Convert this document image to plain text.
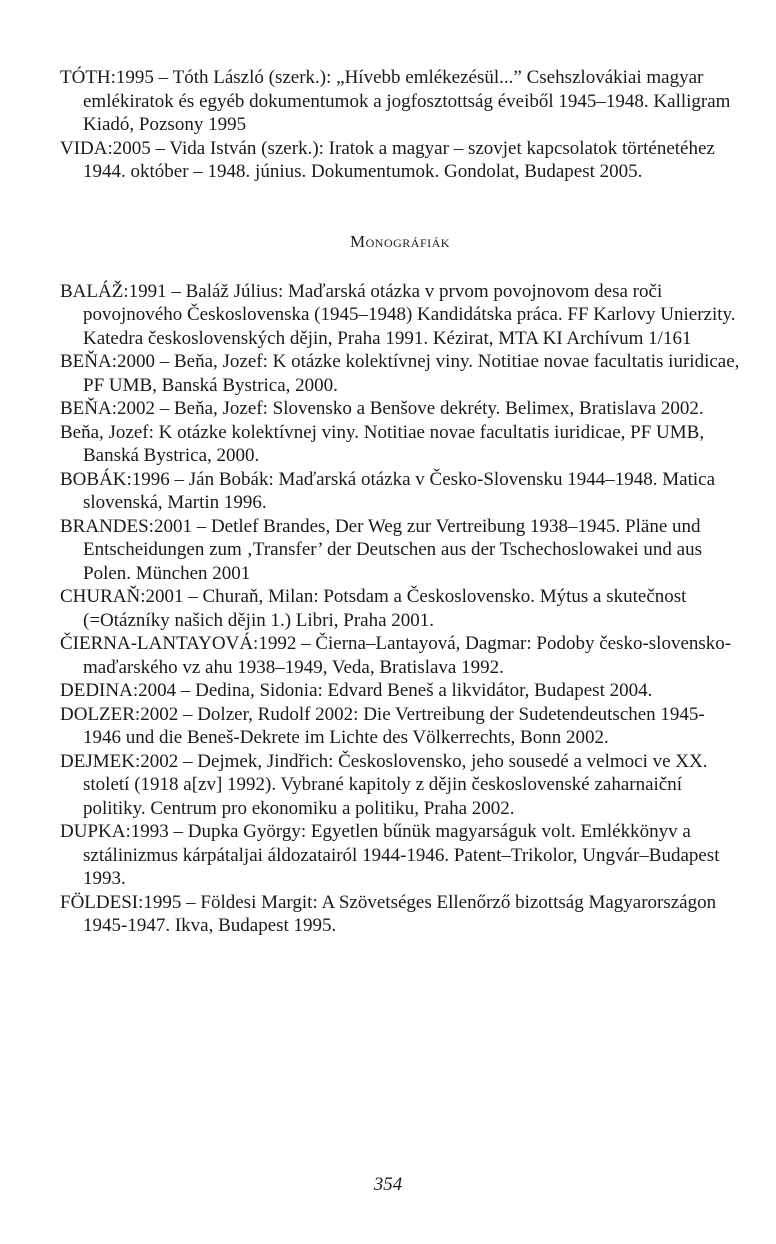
TÓTH:1995 – Tóth László (szerk.): „Hívebb emlékezésül...” Csehszlovákiai magyar emlékiratok és egyéb dokumentumok a jogfosztottság éveiből 1945–1948. Kalligram Kiadó, Pozsony 1995

VIDA:2005 – Vida István (szerk.): Iratok a magyar – szovjet kapcsolatok történetéhez 1944. október – 1948. június. Dokumentumok. Gondolat, Budapest 2005.

Monográfiák

BALÁŽ:1991 – Baláž Július: Maďarská otázka v prvom povojnovom desa roči povojnového Československa (1945–1948) Kandidátska práca. FF Karlovy Unierzity. Katedra československých dějin, Praha 1991. Kézirat, MTA KI Archívum 1/161

BEŇA:2000 – Beňa, Jozef: K otázke kolektívnej viny. Notitiae novae facultatis iuridicae, PF UMB, Banská Bystrica, 2000.

BEŇA:2002 – Beňa, Jozef: Slovensko a Benšove dekréty. Belimex, Bratislava 2002.

Beňa, Jozef: K otázke kolektívnej viny. Notitiae novae facultatis iuridicae, PF UMB, Banská Bystrica, 2000.

BOBÁK:1996 – Ján Bobák: Maďarská otázka v Česko-Slovensku 1944–1948. Matica slovenská, Martin 1996.

BRANDES:2001 – Detlef Brandes, Der Weg zur Vertreibung 1938–1945. Pläne und Entscheidungen zum ‚Transfer’ der Deutschen aus der Tschechoslowakei und aus Polen. München 2001

CHURAŇ:2001 – Churaň, Milan: Potsdam a Československo. Mýtus a skutečnost (=Otázníky našich dějin 1.) Libri, Praha 2001.

ČIERNA-LANTAYOVÁ:1992 – Čierna–Lantayová, Dagmar: Podoby česko-slovensko-maďarského vz ahu 1938–1949, Veda, Bratislava 1992.

DEDINA:2004 – Dedina, Sidonia: Edvard Beneš a likvidátor, Budapest 2004.

DOLZER:2002 – Dolzer, Rudolf 2002: Die Vertreibung der Sudetendeutschen 1945-1946 und die Beneš-Dekrete im Lichte des Völkerrechts, Bonn 2002.

DEJMEK:2002 – Dejmek, Jindřich: Československo, jeho sousedé a velmoci ve XX. století (1918 a[zv] 1992). Vybrané kapitoly z dějin československé zaharnaiční politiky. Centrum pro ekonomiku a politiku, Praha 2002.

DUPKA:1993 – Dupka György: Egyetlen bűnük magyarságuk volt. Emlékkönyv a sztálinizmus kárpátaljai áldozatairól 1944-1946. Patent–Trikolor, Ungvár–Budapest 1993.

FÖLDESI:1995 – Földesi Margit: A Szövetséges Ellenőrző bizottság Magyarországon 1945-1947. Ikva, Budapest 1995.

354
